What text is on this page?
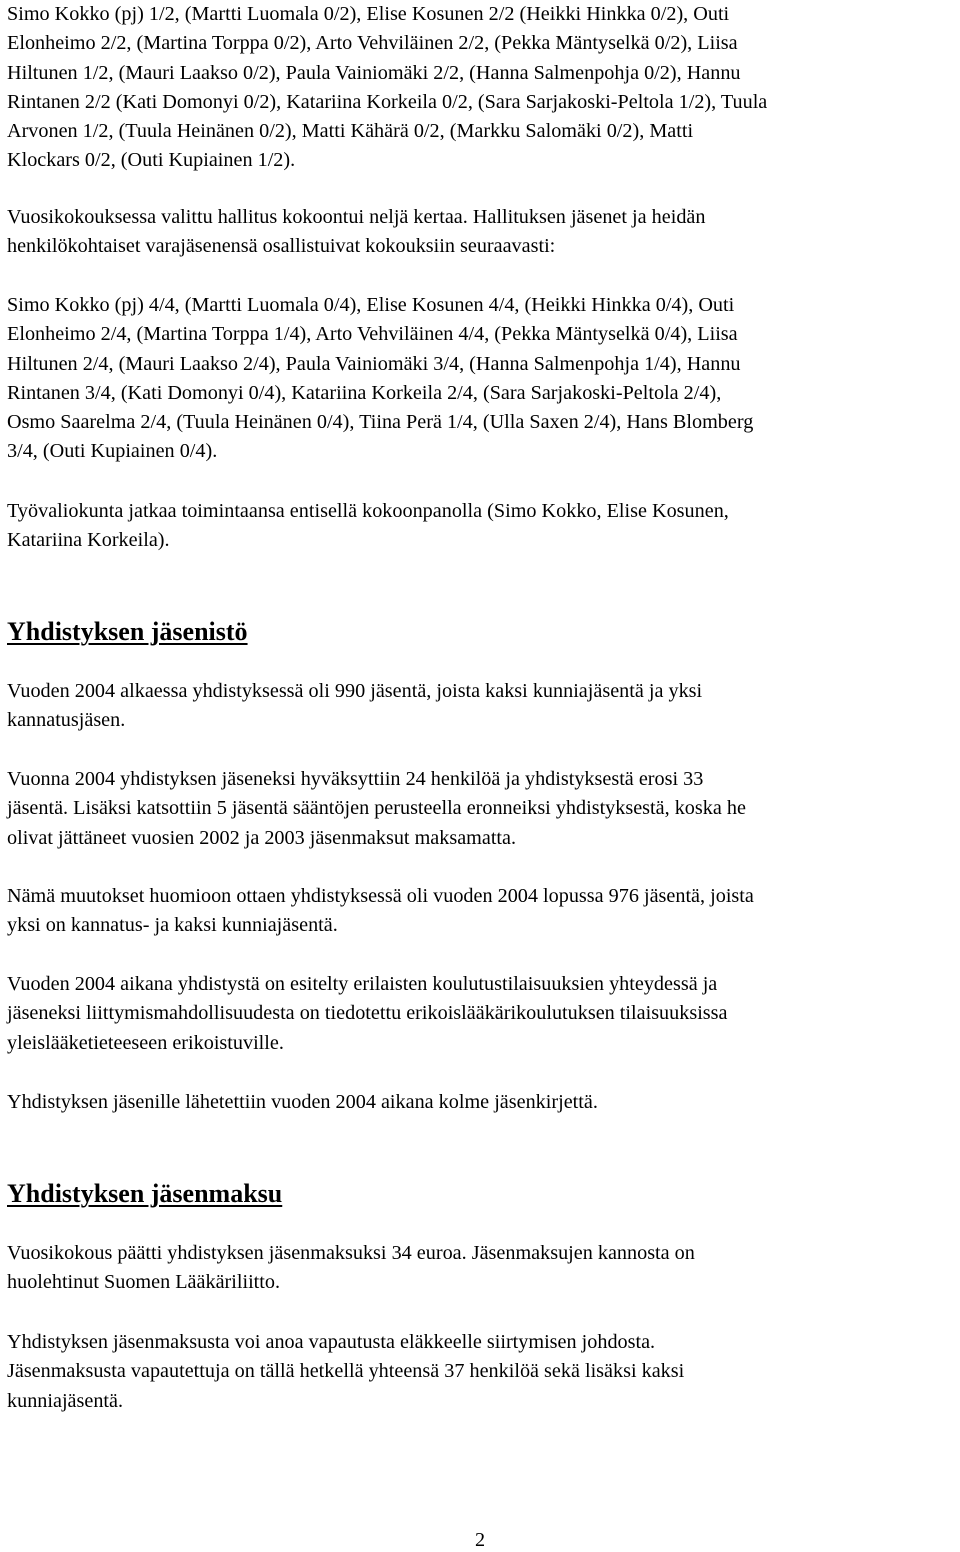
Simo Kokko (pj) 1/2, (Martti Luomala 0/2), Elise Kosunen 2/2 (Heikki Hinkka 0/2), Outi
Elonheimo 2/2, (Martina Torppa 0/2), Arto Vehviläinen 2/2, (Pekka Mäntyselkä 0/2), Liisa
Hiltunen 1/2, (Mauri Laakso 0/2), Paula Vainiomäki 2/2, (Hanna Salmenpohja 0/2), Hannu
Rintanen 2/2 (Kati Domonyi 0/2), Katariina Korkeila 0/2, (Sara Sarjakoski-Peltola 1/2), Tuula
Arvonen 1/2, (Tuula Heinänen 0/2), Matti Kähärä 0/2, (Markku Salomäki 0/2), Matti
Klockars 0/2, (Outi Kupiainen 1/2).

Vuosikokouksessa valittu hallitus kokoontui neljä kertaa. Hallituksen jäsenet ja heidän
henkilökohtaiset varajäsenensä osallistuivat kokouksiin seuraavasti:

Simo Kokko (pj) 4/4, (Martti Luomala 0/4), Elise Kosunen 4/4, (Heikki Hinkka 0/4), Outi
Elonheimo 2/4, (Martina Torppa 1/4), Arto Vehviläinen 4/4, (Pekka Mäntyselkä 0/4), Liisa
Hiltunen 2/4, (Mauri Laakso 2/4), Paula Vainiomäki 3/4, (Hanna Salmenpohja 1/4), Hannu
Rintanen 3/4, (Kati Domonyi 0/4), Katariina Korkeila 2/4, (Sara Sarjakoski-Peltola 2/4),
Osmo Saarelma 2/4, (Tuula Heinänen 0/4), Tiina Perä 1/4, (Ulla Saxen 2/4), Hans Blomberg
3/4, (Outi Kupiainen 0/4).

Työvaliokunta jatkaa toimintaansa entisellä kokoonpanolla (Simo Kokko, Elise Kosunen,
Katariina Korkeila).

Yhdistyksen jäsenistö

Vuoden 2004 alkaessa yhdistyksessä oli 990 jäsentä, joista kaksi kunniajäsentä ja yksi
kannatusjäsen.

Vuonna 2004 yhdistyksen jäseneksi hyväksyttiin 24 henkilöä ja yhdistyksestä erosi 33
jäsentä. Lisäksi katsottiin 5 jäsentä sääntöjen perusteella eronneiksi yhdistyksestä, koska he
olivat jättäneet vuosien 2002 ja 2003 jäsenmaksut maksamatta.

Nämä muutokset huomioon ottaen yhdistyksessä oli vuoden 2004 lopussa 976 jäsentä, joista
yksi on kannatus- ja kaksi kunniajäsentä.

Vuoden 2004 aikana yhdistystä on esitelty erilaisten koulutustilaisuuksien yhteydessä ja
jäseneksi liittymismahdollisuudesta on tiedotettu erikoislääkärikoulutuksen tilaisuuksissa
yleislääketieteeseen erikoistuville.

Yhdistyksen jäsenille lähetettiin vuoden 2004 aikana kolme jäsenkirjettä.

Yhdistyksen jäsenmaksu

Vuosikokous päätti yhdistyksen jäsenmaksuksi 34 euroa. Jäsenmaksujen kannosta on
huolehtinut Suomen Lääkäriliitto.

Yhdistyksen jäsenmaksusta voi anoa vapautusta eläkkeelle siirtymisen johdosta.
Jäsenmaksusta vapautettuja on tällä hetkellä yhteensä 37 henkilöä sekä lisäksi kaksi
kunniajäsentä.

2
